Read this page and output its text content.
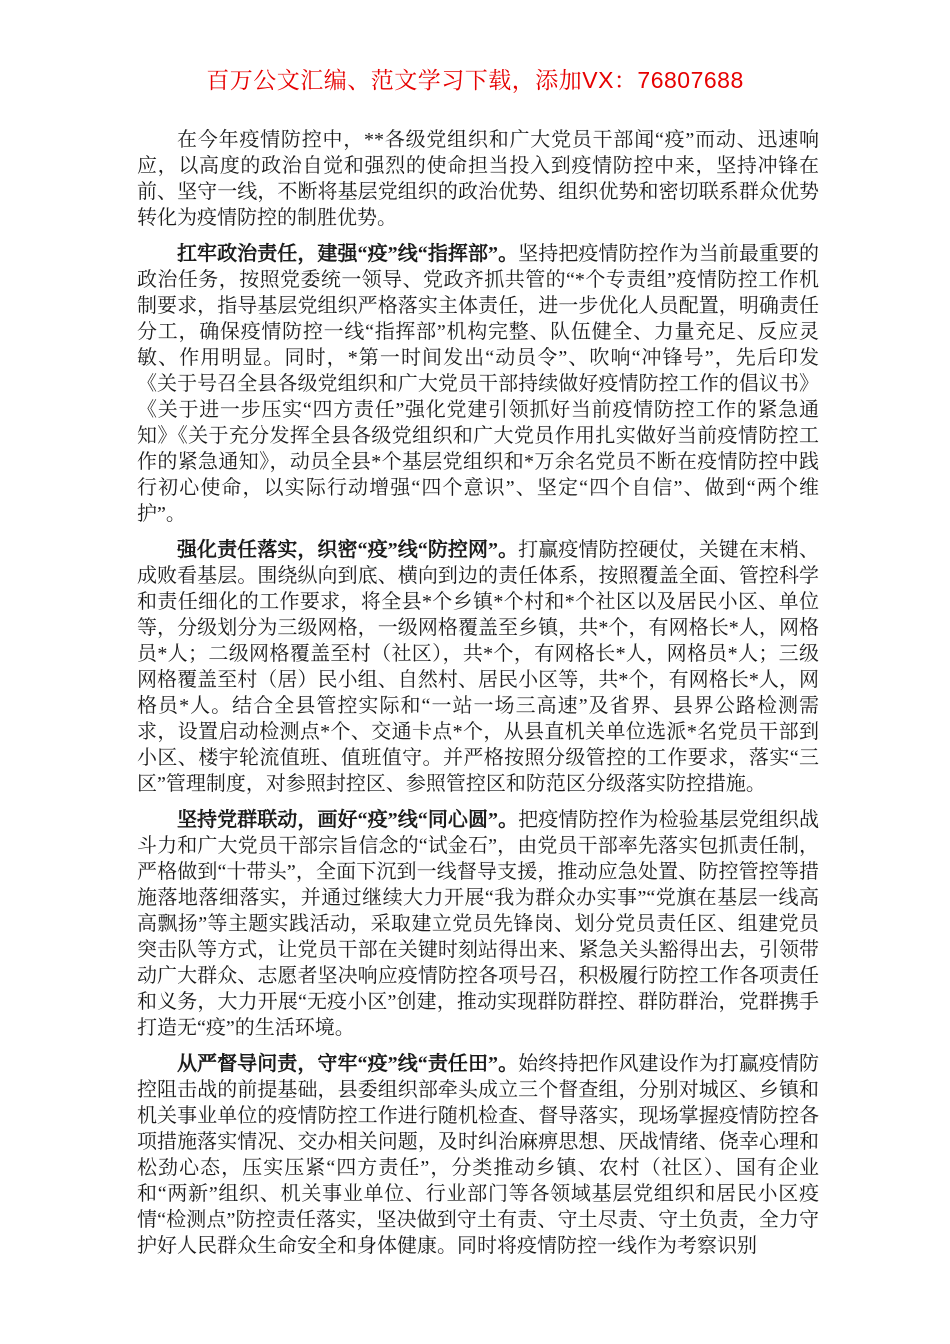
百万公文汇编、范文学习下载，添加VX：76807688

在今年疫情防控中，**各级党组织和广大党员干部闻“疫”而动、迅速响应，以高度的政治自觉和强烈的使命担当投入到疫情防控中来，坚持冲锋在前、坚守一线，不断将基层党组织的政治优势、组织优势和密切联系群众优势转化为疫情防控的制胜优势。

扛牢政治责任，建强“疫”线“指挥部”。坚持把疫情防控作为当前最重要的政治任务，按照党委统一领导、党政齐抓共管的“*个专责组”疫情防控工作机制要求，指导基层党组织严格落实主体责任，进一步优化人员配置，明确责任分工，确保疫情防控一线“指挥部”机构完整、队伍健全、力量充足、反应灵敏、作用明显。同时，*第一时间发出“动员令”、吹响“冲锋号”，先后印发《关于号召全县各级党组织和广大党员干部持续做好疫情防控工作的倡议书》《关于进一步压实“四方责任”强化党建引领抓好当前疫情防控工作的紧急通知》《关于充分发挥全县各级党组织和广大党员作用扎实做好当前疫情防控工作的紧急通知》，动员全县*个基层党组织和*万余名党员不断在疫情防控中践行初心使命，以实际行动增强“四个意识”、坚定“四个自信”、做到“两个维护”。

强化责任落实，织密“疫”线“防控网”。打赢疫情防控硬仗，关键在末梢、成败看基层。围绕纵向到底、横向到边的责任体系，按照覆盖全面、管控科学和责任细化的工作要求，将全县*个乡镇*个村和*个社区以及居民小区、单位等，分级划分为三级网格，一级网格覆盖至乡镇，共*个，有网格长*人，网格员*人；二级网格覆盖至村（社区），共*个，有网格长*人，网格员*人；三级网格覆盖至村（居）民小组、自然村、居民小区等，共*个，有网格长*人，网格员*人。结合全县管控实际和“一站一场三高速”及省界、县界公路检测需求，设置启动检测点*个、交通卡点*个，从县直机关单位选派*名党员干部到小区、楼宇轮流值班、值班值守。并严格按照分级管控的工作要求，落实“三区”管理制度，对参照封控区、参照管控区和防范区分级落实防控措施。

坚持党群联动，画好“疫”线“同心圆”。把疫情防控作为检验基层党组织战斗力和广大党员干部宗旨信念的“试金石”，由党员干部率先落实包抓责任制，严格做到“十带头”，全面下沉到一线督导支援，推动应急处置、防控管控等措施落地落细落实，并通过继续大力开展“我为群众办实事”“党旗在基层一线高高飘扬”等主题实践活动，采取建立党员先锋岗、划分党员责任区、组建党员突击队等方式，让党员干部在关键时刻站得出来、紧急关头豁得出去，引领带动广大群众、志愿者坚决响应疫情防控各项号召，积极履行防控工作各项责任和义务，大力开展“无疫小区”创建，推动实现群防群控、群防群治，党群携手打造无“疫”的生活环境。

从严督导问责，守牢“疫”线“责任田”。始终持把作风建设作为打赢疫情防控阻击战的前提基础，县委组织部牵头成立三个督查组，分别对城区、乡镇和机关事业单位的疫情防控工作进行随机检查、督导落实，现场掌握疫情防控各项措施落实情况、交办相关问题，及时纠治麻痹思想、厌战情绪、侥幸心理和松劲心态，压实压紧“四方责任”，分类推动乡镇、农村（社区）、国有企业和“两新”组织、机关事业单位、行业部门等各领域基层党组织和居民小区疫情“检测点”防控责任落实，坚决做到守土有责、守土尽责、守土负责，全力守护好人民群众生命安全和身体健康。同时将疫情防控一线作为考察识别
